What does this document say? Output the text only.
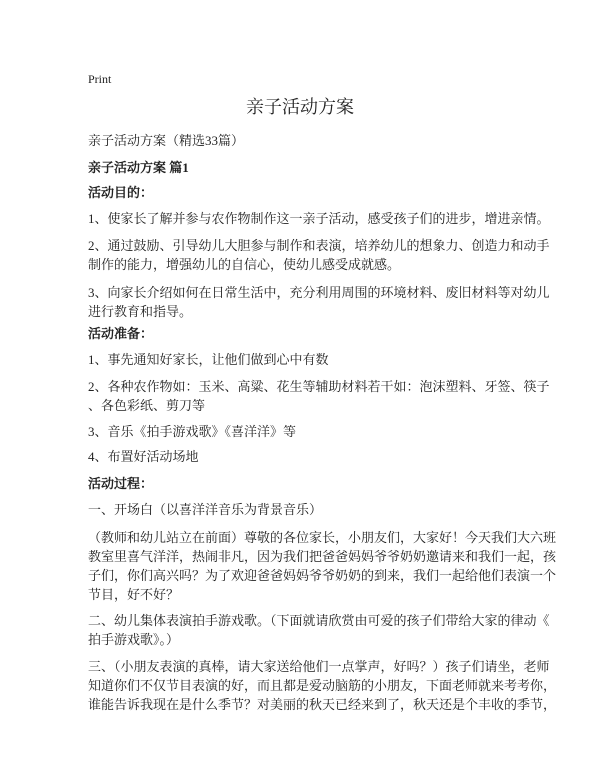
Print
亲子活动方案
亲子活动方案（精选33篇）
亲子活动方案 篇1
活动目的：
1、使家长了解并参与农作物制作这一亲子活动，感受孩子们的进步，增进亲情。
2、通过鼓励、引导幼儿大胆参与制作和表演，培养幼儿的想象力、创造力和动手
制作的能力，增强幼儿的自信心，使幼儿感受成就感。
3、向家长介绍如何在日常生活中，充分利用周围的环境材料、废旧材料等对幼儿
进行教育和指导。
活动准备：
1、事先通知好家长，让他们做到心中有数
2、各种农作物如：玉米、高粱、花生等辅助材料若干如：泡沫塑料、牙签、筷子
、各色彩纸、剪刀等
3、音乐《拍手游戏歌》《喜洋洋》等
4、布置好活动场地
活动过程：
一、开场白（以喜洋洋音乐为背景音乐）
（教师和幼儿站立在前面）尊敬的各位家长，小朋友们，大家好！今天我们大六班
教室里喜气洋洋，热闹非凡，因为我们把爸爸妈妈爷爷奶奶邀请来和我们一起，孩
子们，你们高兴吗？为了欢迎爸爸妈妈爷爷奶奶的到来，我们一起给他们表演一个
节目，好不好？
二、幼儿集体表演拍手游戏歌。（下面就请欣赏由可爱的孩子们带给大家的律动《
拍手游戏歌》。）
三、（小朋友表演的真棒，请大家送给他们一点掌声，好吗？）孩子们请坐，老师
知道你们不仅节目表演的好，而且都是爱动脑筋的小朋友，下面老师就来考考你，
谁能告诉我现在是什么季节？对美丽的秋天已经来到了，秋天还是个丰收的季节，
